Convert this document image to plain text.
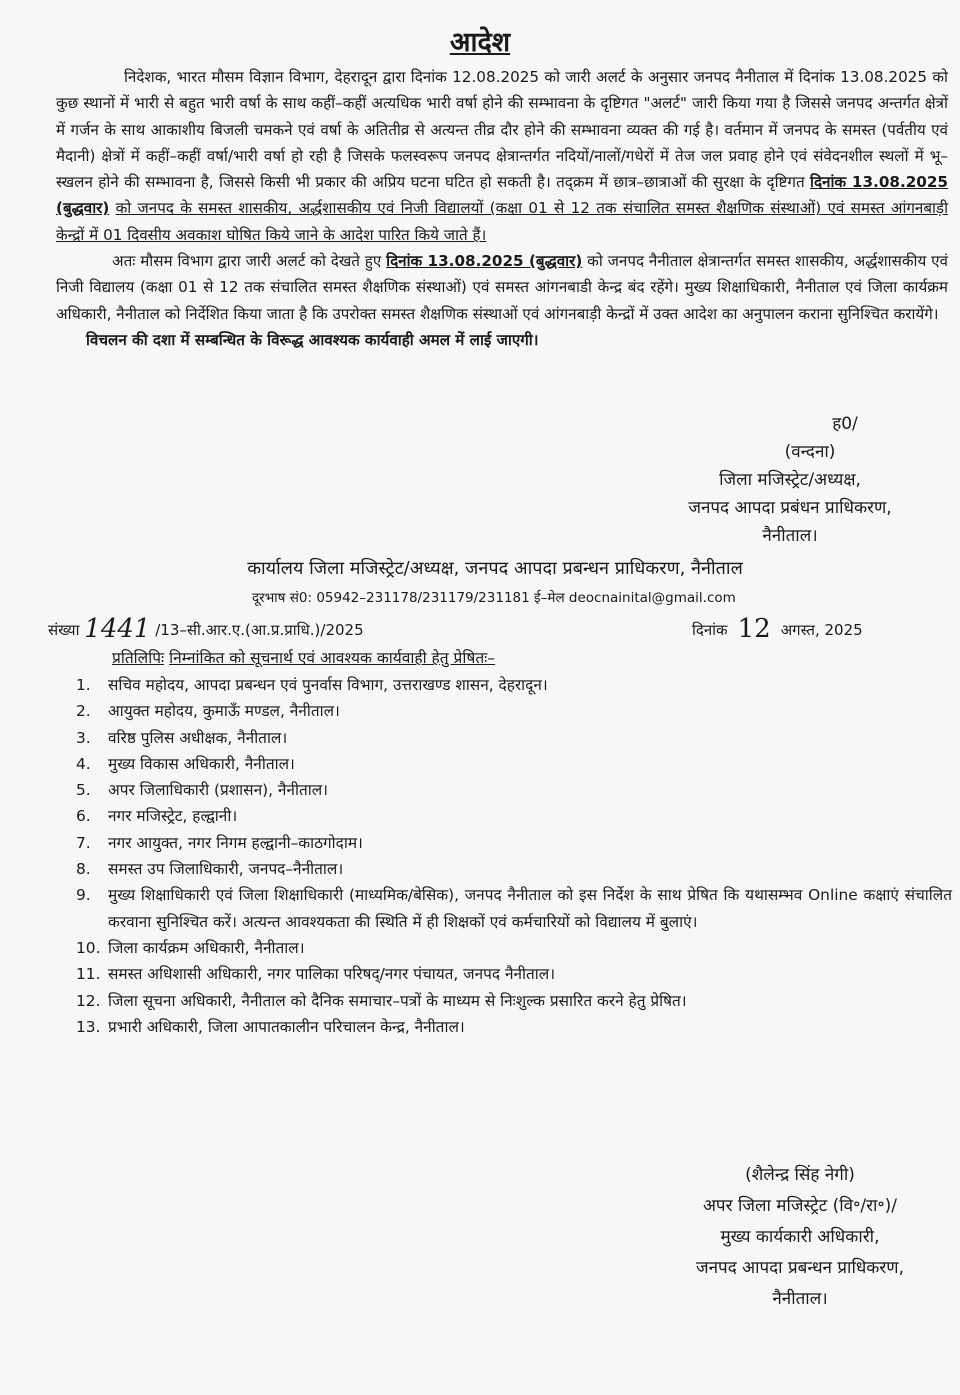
आदेश

निदेशक, भारत मौसम विज्ञान विभाग, देहरादून द्वारा दिनांक 12.08.2025 को जारी अलर्ट के अनुसार जनपद नैनीताल में दिनांक 13.08.2025 को कुछ स्थानों में भारी से बहुत भारी वर्षा के साथ कहीं–कहीं अत्यधिक भारी वर्षा होने की सम्भावना के दृष्टिगत "अलर्ट" जारी किया गया है जिससे जनपद अन्तर्गत क्षेत्रों में गर्जन के साथ आकाशीय बिजली चमकने एवं वर्षा के अतितीव्र से अत्यन्त तीव्र दौर होने की सम्भावना व्यक्त की गई है। वर्तमान में जनपद के समस्त (पर्वतीय एवं मैदानी) क्षेत्रों में कहीं–कहीं वर्षा/भारी वर्षा हो रही है जिसके फलस्वरूप जनपद क्षेत्रान्तर्गत नदियों/नालों/गधेरों में तेज जल प्रवाह होने एवं संवेदनशील स्थलों में भू–स्खलन होने की सम्भावना है, जिससे किसी भी प्रकार की अप्रिय घटना घटित हो सकती है। तद्क्रम में छात्र–छात्राओं की सुरक्षा के दृष्टिगत दिनांक 13.08.2025 (बुद्धवार) को जनपद के समस्त शासकीय, अर्द्धशासकीय एवं निजी विद्यालयों (कक्षा 01 से 12 तक संचालित समस्त शैक्षणिक संस्थाओं) एवं समस्त आंगनबाड़ी केन्द्रों में 01 दिवसीय अवकाश घोषित किये जाने के आदेश पारित किये जाते हैं।

अतः मौसम विभाग द्वारा जारी अलर्ट को देखते हुए दिनांक 13.08.2025 (बुद्धवार) को जनपद नैनीताल क्षेत्रान्तर्गत समस्त शासकीय, अर्द्धशासकीय एवं निजी विद्यालय (कक्षा 01 से 12 तक संचालित समस्त शैक्षणिक संस्थाओं) एवं समस्त आंगनबाडी केन्द्र बंद रहेंगे। मुख्य शिक्षाधिकारी, नैनीताल एवं जिला कार्यक्रम अधिकारी, नैनीताल को निर्देशित किया जाता है कि उपरोक्त समस्त शैक्षणिक संस्थाओं एवं आंगनबाड़ी केन्द्रों में उक्त आदेश का अनुपालन कराना सुनिश्चित करायेंगे।

विचलन की दशा में सम्बन्धित के विरूद्ध आवश्यक कार्यवाही अमल में लाई जाएगी।

ह0/
(वन्दना)
जिला मजिस्ट्रेट/अध्यक्ष,
जनपद आपदा प्रबंधन प्राधिकरण,
नैनीताल।
कार्यालय जिला मजिस्ट्रेट/अध्यक्ष, जनपद आपदा प्रबन्धन प्राधिकरण, नैनीताल
दूरभाष सं0: 05942–231178/231179/231181 ई–मेल deocnainital@gmail.com
संख्या 1441 /13–सी.आर.ए.(आ.प्र.प्राधि.)/2025	दिनांक 12 अगस्त, 2025
प्रतिलिपिः निम्नांकित को सूचनार्थ एवं आवश्यक कार्यवाही हेतु प्रेषितः–
1. सचिव महोदय, आपदा प्रबन्धन एवं पुनर्वास विभाग, उत्तराखण्ड शासन, देहरादून।
2. आयुक्त महोदय, कुमाऊँ मण्डल, नैनीताल।
3. वरिष्ठ पुलिस अधीक्षक, नैनीताल।
4. मुख्य विकास अधिकारी, नैनीताल।
5. अपर जिलाधिकारी (प्रशासन), नैनीताल।
6. नगर मजिस्ट्रेट, हल्द्वानी।
7. नगर आयुक्त, नगर निगम हल्द्वानी–काठगोदाम।
8. समस्त उप जिलाधिकारी, जनपद–नैनीताल।
9. मुख्य शिक्षाधिकारी एवं जिला शिक्षाधिकारी (माध्यमिक/बेसिक), जनपद नैनीताल को इस निर्देश के साथ प्रेषित कि यथासम्भव Online कक्षाएं संचालित करवाना सुनिश्चित करें। अत्यन्त आवश्यकता की स्थिति में ही शिक्षकों एवं कर्मचारियों को विद्यालय में बुलाएं।
10. जिला कार्यक्रम अधिकारी, नैनीताल।
11. समस्त अधिशासी अधिकारी, नगर पालिका परिषद्/नगर पंचायत, जनपद नैनीताल।
12. जिला सूचना अधिकारी, नैनीताल को दैनिक समाचार–पत्रों के माध्यम से निःशुल्क प्रसारित करने हेतु प्रेषित।
13. प्रभारी अधिकारी, जिला आपातकालीन परिचालन केन्द्र, नैनीताल।
(शैलेन्द्र सिंह नेगी)
अपर जिला मजिस्ट्रेट (वि॰/रा॰)/
मुख्य कार्यकारी अधिकारी,
जनपद आपदा प्रबन्धन प्राधिकरण,
नैनीताल।
